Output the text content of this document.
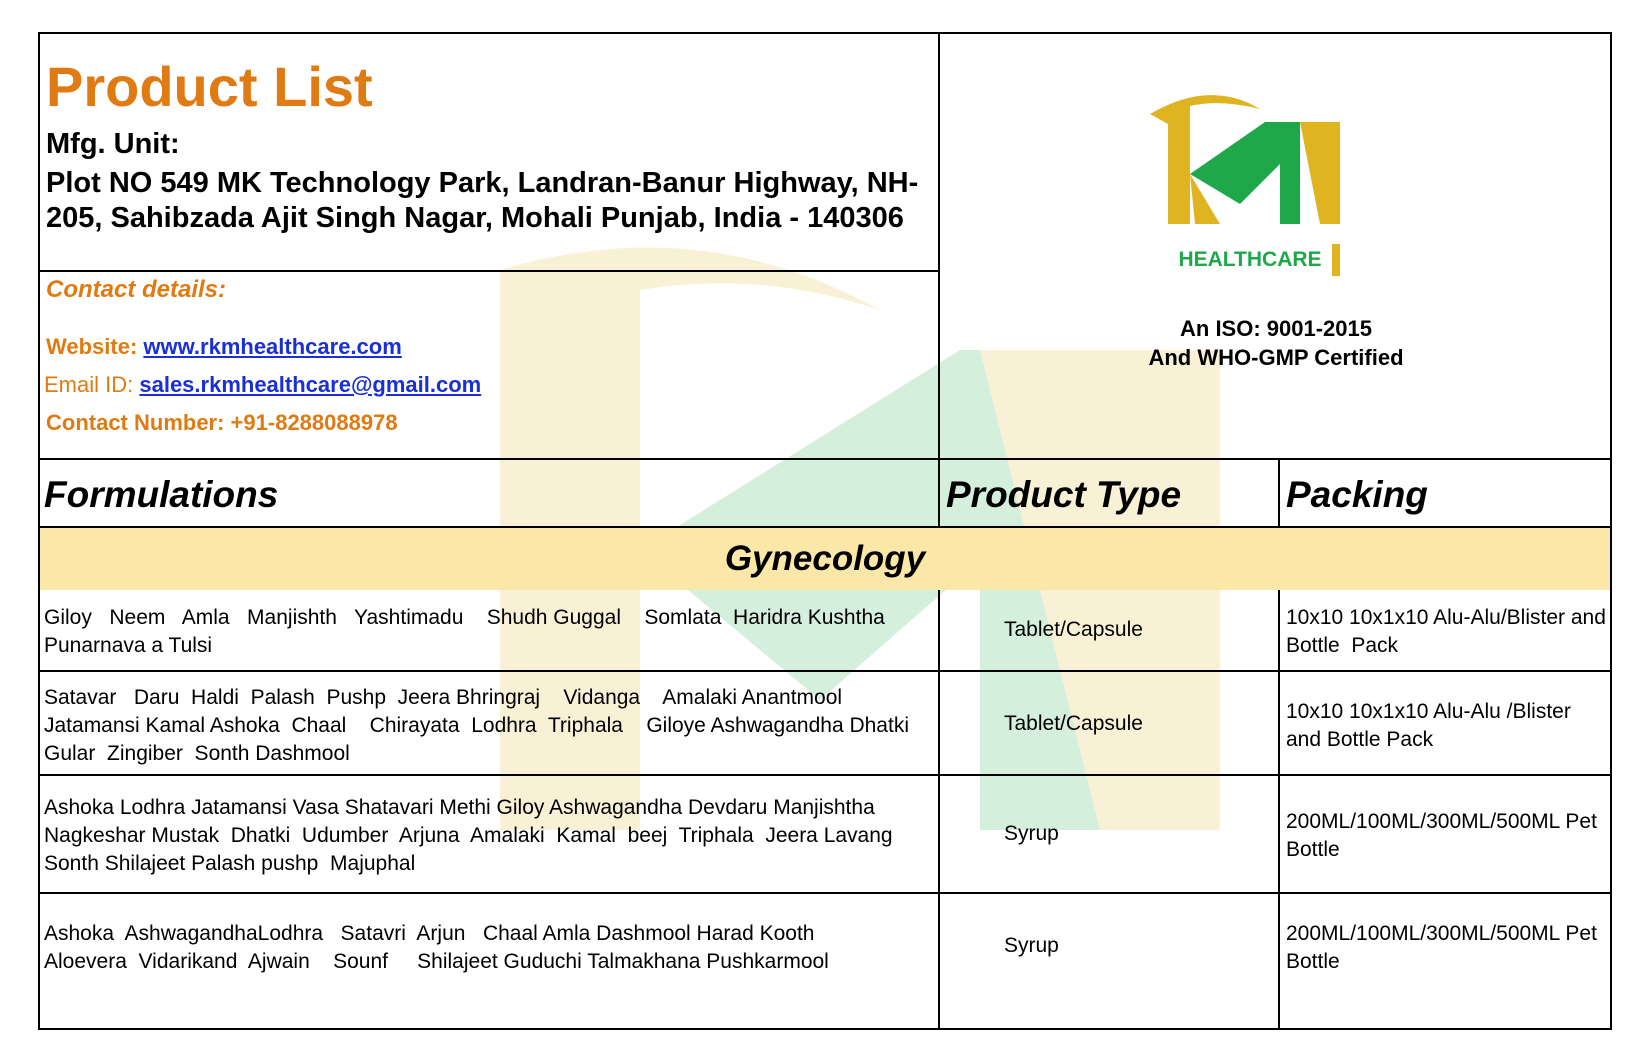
Product List
Mfg. Unit:
Plot NO 549 MK Technology Park, Landran-Banur Highway, NH-205, Sahibzada Ajit Singh Nagar, Mohali Punjab, India - 140306
Contact details:
Website: www.rkmhealthcare.com
Email ID: sales.rkmhealthcare@gmail.com
Contact Number: +91-8288088978
HEALTHCARE
An ISO: 9001-2015
And WHO-GMP Certified
Formulations	Product Type	Packing
Gynecology
Giloy   Neem   Amla   Manjishth   Yashtimadu    Shudh Guggal    Somlata  Haridra Kushtha  Punarnava a Tulsi
Tablet/Capsule
10x10 10x1x10 Alu-Alu/Blister and Bottle  Pack
Satavar   Daru  Haldi  Palash  Pushp  Jeera Bhringraj    Vidanga    Amalaki Anantmool Jatamansi Kamal Ashoka  Chaal    Chirayata  Lodhra  Triphala    Giloye Ashwagandha Dhatki  Gular  Zingiber  Sonth Dashmool
Tablet/Capsule
10x10 10x1x10 Alu-Alu /Blister and Bottle Pack
Ashoka Lodhra Jatamansi Vasa Shatavari Methi Giloy Ashwagandha Devdaru Manjishtha Nagkeshar Mustak  Dhatki  Udumber  Arjuna  Amalaki  Kamal  beej  Triphala  Jeera Lavang Sonth Shilajeet Palash pushp  Majuphal
Syrup
200ML/100ML/300ML/500ML Pet  Bottle
Ashoka  AshwagandhaLodhra   Satavri  Arjun   Chaal Amla Dashmool Harad Kooth Aloevera  Vidarikand  Ajwain    Sounf     Shilajeet Guduchi Talmakhana Pushkarmool
Syrup
200ML/100ML/300ML/500ML Pet  Bottle
